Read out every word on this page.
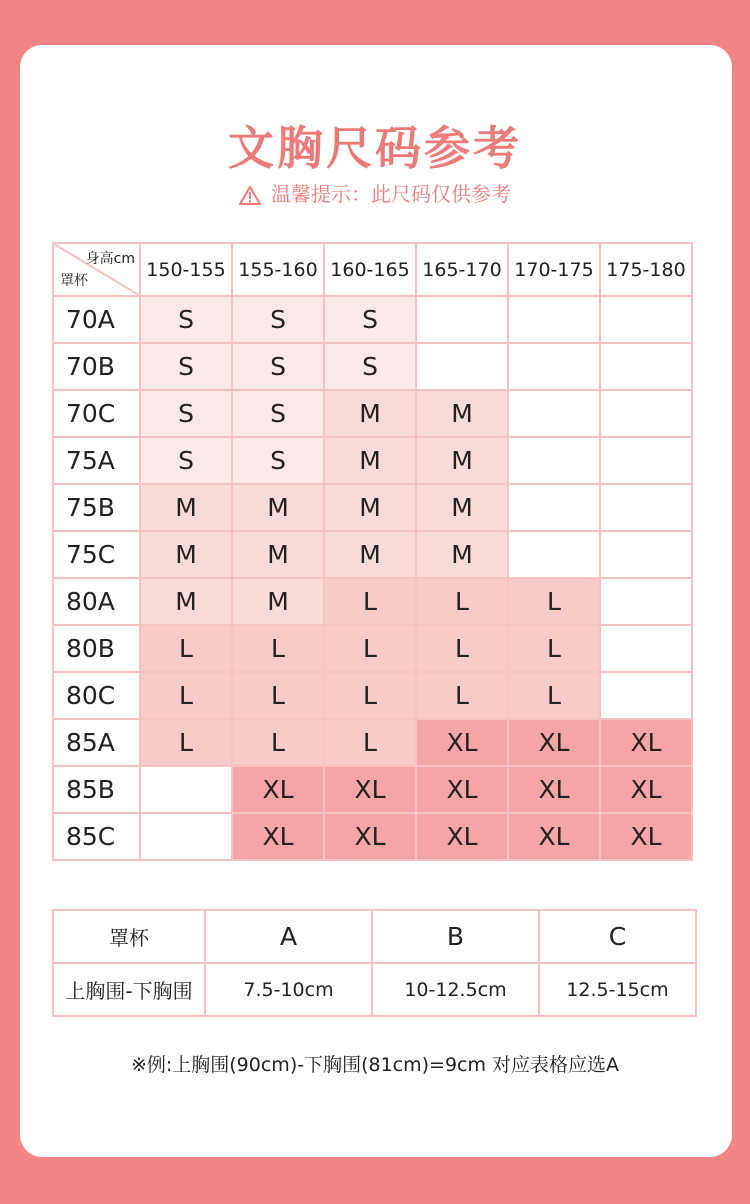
文胸尺码参考
温馨提示：此尺码仅供参考
身高cm
罩杯	150-155	155-160	160-165	165-170	170-175	175-180
70A	S	S	S			
70B	S	S	S			
70C	S	S	M	M		
75A	S	S	M	M		
75B	M	M	M	M		
75C	M	M	M	M		
80A	M	M	L	L	L	
80B	L	L	L	L	L	
80C	L	L	L	L	L	
85A	L	L	L	XL	XL	XL
85B		XL	XL	XL	XL	XL
85C		XL	XL	XL	XL	XL
罩杯	A	B	C
上胸围-下胸围	7.5-10cm	10-12.5cm	12.5-15cm
※例:上胸围(90cm)-下胸围(81cm)=9cm 对应表格应选A
